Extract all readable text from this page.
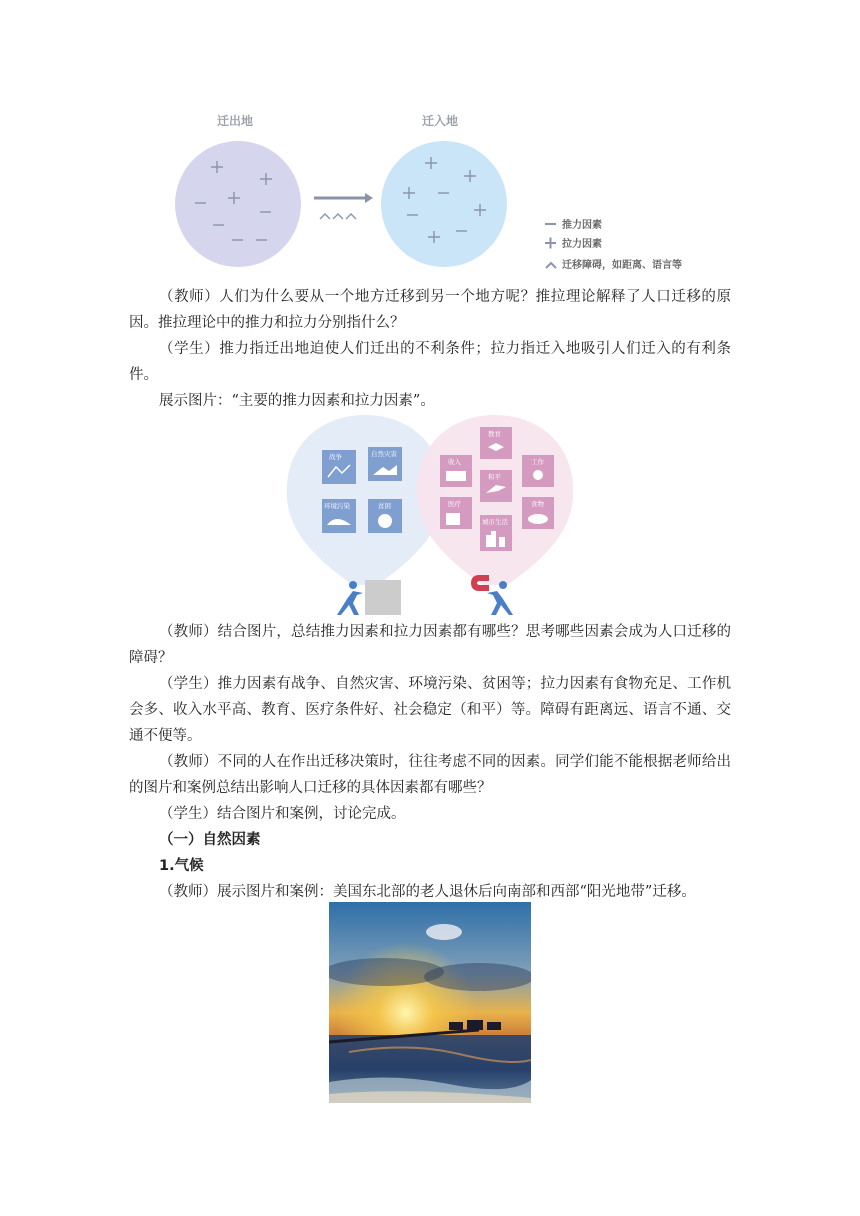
迁出地	迁入地
推力因素
拉力因素
迁移障碍，如距离、语言等

（教师）人们为什么要从一个地方迁移到另一个地方呢？推拉理论解释了人口迁移的原因。推拉理论中的推力和拉力分别指什么？

（学生）推力指迁出地迫使人们迁出的不利条件；拉力指迁入地吸引人们迁入的有利条件。

展示图片：“主要的推力因素和拉力因素”。

战争	自然灾害
环境污染	贫困
教育
收入	工作
和平
医疗	食物
城市生活

（教师）结合图片，总结推力因素和拉力因素都有哪些？思考哪些因素会成为人口迁移的障碍？

（学生）推力因素有战争、自然灾害、环境污染、贫困等；拉力因素有食物充足、工作机会多、收入水平高、教育、医疗条件好、社会稳定（和平）等。障碍有距离远、语言不通、交通不便等。

（教师）不同的人在作出迁移决策时，往往考虑不同的因素。同学们能不能根据老师给出的图片和案例总结出影响人口迁移的具体因素都有哪些？

（学生）结合图片和案例，讨论完成。

（一）自然因素

1.气候

（教师）展示图片和案例：美国东北部的老人退休后向南部和西部“阳光地带”迁移。
